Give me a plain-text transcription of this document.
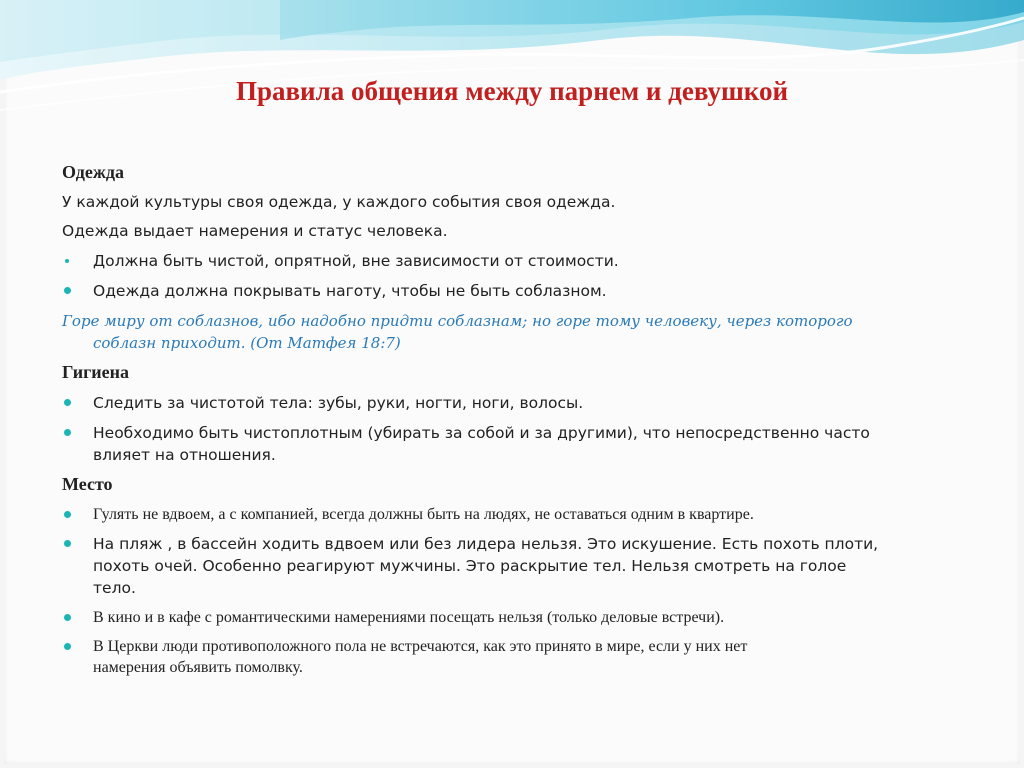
Правила общения между парнем и девушкой

Одежда

У каждой культуры своя одежда, у каждого события своя одежда.

Одежда выдает намерения и статус человека.

Должна быть чистой, опрятной, вне зависимости от стоимости.
Одежда должна покрывать наготу, чтобы не быть соблазном.
Горе миру от соблазнов, ибо надобно придти соблазнам; но горе тому человеку, через которого
соблазн приходит. (От Матфея 18:7)

Гигиена

Следить за чистотой тела: зубы, руки, ногти, ноги, волосы.
Необходимо быть чистоплотным (убирать за собой и за другими), что непосредственно часто
влияет на отношения.

Место

Гулять не вдвоем, а с компанией, всегда должны быть на людях, не оставаться одним в квартире.
На пляж , в бассейн ходить вдвоем или без лидера нельзя. Это искушение. Есть похоть плоти,
похоть очей. Особенно реагируют мужчины. Это раскрытие тел. Нельзя смотреть на голое
тело.
В кино и в кафе с романтическими намерениями посещать нельзя (только деловые встречи).
В Церкви люди противоположного пола не встречаются, как это принято в мире, если у них нет
намерения объявить помолвку.
